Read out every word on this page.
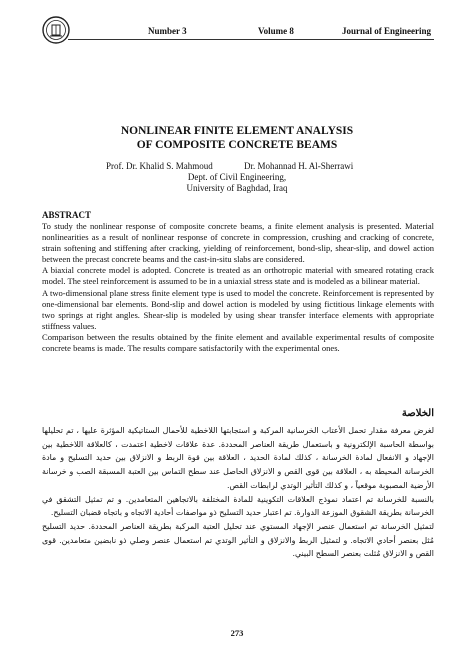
Number 3	Volume 8	Journal of Engineering
NONLINEAR FINITE ELEMENT ANALYSIS
OF COMPOSITE CONCRETE BEAMS
Prof. Dr. Khalid S. Mahmoud	Dr. Mohannad H. Al-Sherrawi
Dept. of Civil Engineering,
University of Baghdad, Iraq
ABSTRACT

To study the nonlinear response of composite concrete beams, a finite element analysis is presented. Material nonlinearities as a result of nonlinear response of concrete in compression, crushing and cracking of concrete, strain softening and stiffening after cracking, yielding of reinforcement, bond-slip, shear-slip, and dowel action between the precast concrete beams and the cast-in-situ slabs are considered.

A biaxial concrete model is adopted. Concrete is treated as an orthotropic material with smeared rotating crack model. The steel reinforcement is assumed to be in a uniaxial stress state and is modeled as a bilinear material.

A two-dimensional plane stress finite element type is used to model the concrete. Reinforcement is represented by one-dimensional bar elements. Bond-slip and dowel action is modeled by using fictitious linkage elements with two springs at right angles. Shear-slip is modeled by using shear transfer interface elements with appropriate stiffness values.

Comparison between the results obtained by the finite element and available experimental results of composite concrete beams is made. The results compare satisfactorily with the experimental ones.

الخلاصة

لغرض معرفة مقدار تحمل الأعتاب الخرسانية المركبة و استجابتها اللاخطية للأحمال الستاتيكية المؤثرة عليها ، تم تحليلها بواسطة الحاسبة الإلكترونية و باستعمال طريقة العناصر المحددة. عدة علاقات لاخطية اعتمدت ، كالعلاقة اللاخطية بين الإجهاد و الانفعال لمادة الخرسانة ، كذلك لمادة الحديد ، العلاقة بين قوة الربط و الانزلاق بين حديد التسليح و مادة الخرسانة المحيطة به ، العلاقة بين قوى القص و الانزلاق الحاصل عند سطح التماس بين العتبة المسبقة الصب و خرسانة الأرضية المصبوبة موقعياً ، و كذلك التأثير الوتدي لرابطات القص.

بالنسبة للخرسانة تم اعتماد نموذج العلاقات التكوينية للمادة المختلفة بالاتجاهين المتعامدين. و تم تمثيل التشقق في الخرسانة بطريقة الشقوق الموزعة الدوارة. تم اعتبار حديد التسليح ذو مواصفات أحادية الاتجاه و باتجاه قضبان التسليح.

لتمثيل الخرسانة تم استعمال عنصر الإجهاد المستوي عند تحليل العتبة المركبة بطريقة العناصر المحددة. حديد التسليح مُثل بعنصر أحادي الاتجاه. و لتمثيل الربط والانزلاق و التأثير الوتدي تم استعمال عنصر وصلي ذو نابضين متعامدين. قوى القص و الانزلاق مُثلت بعنصر السطح البيني.

273
